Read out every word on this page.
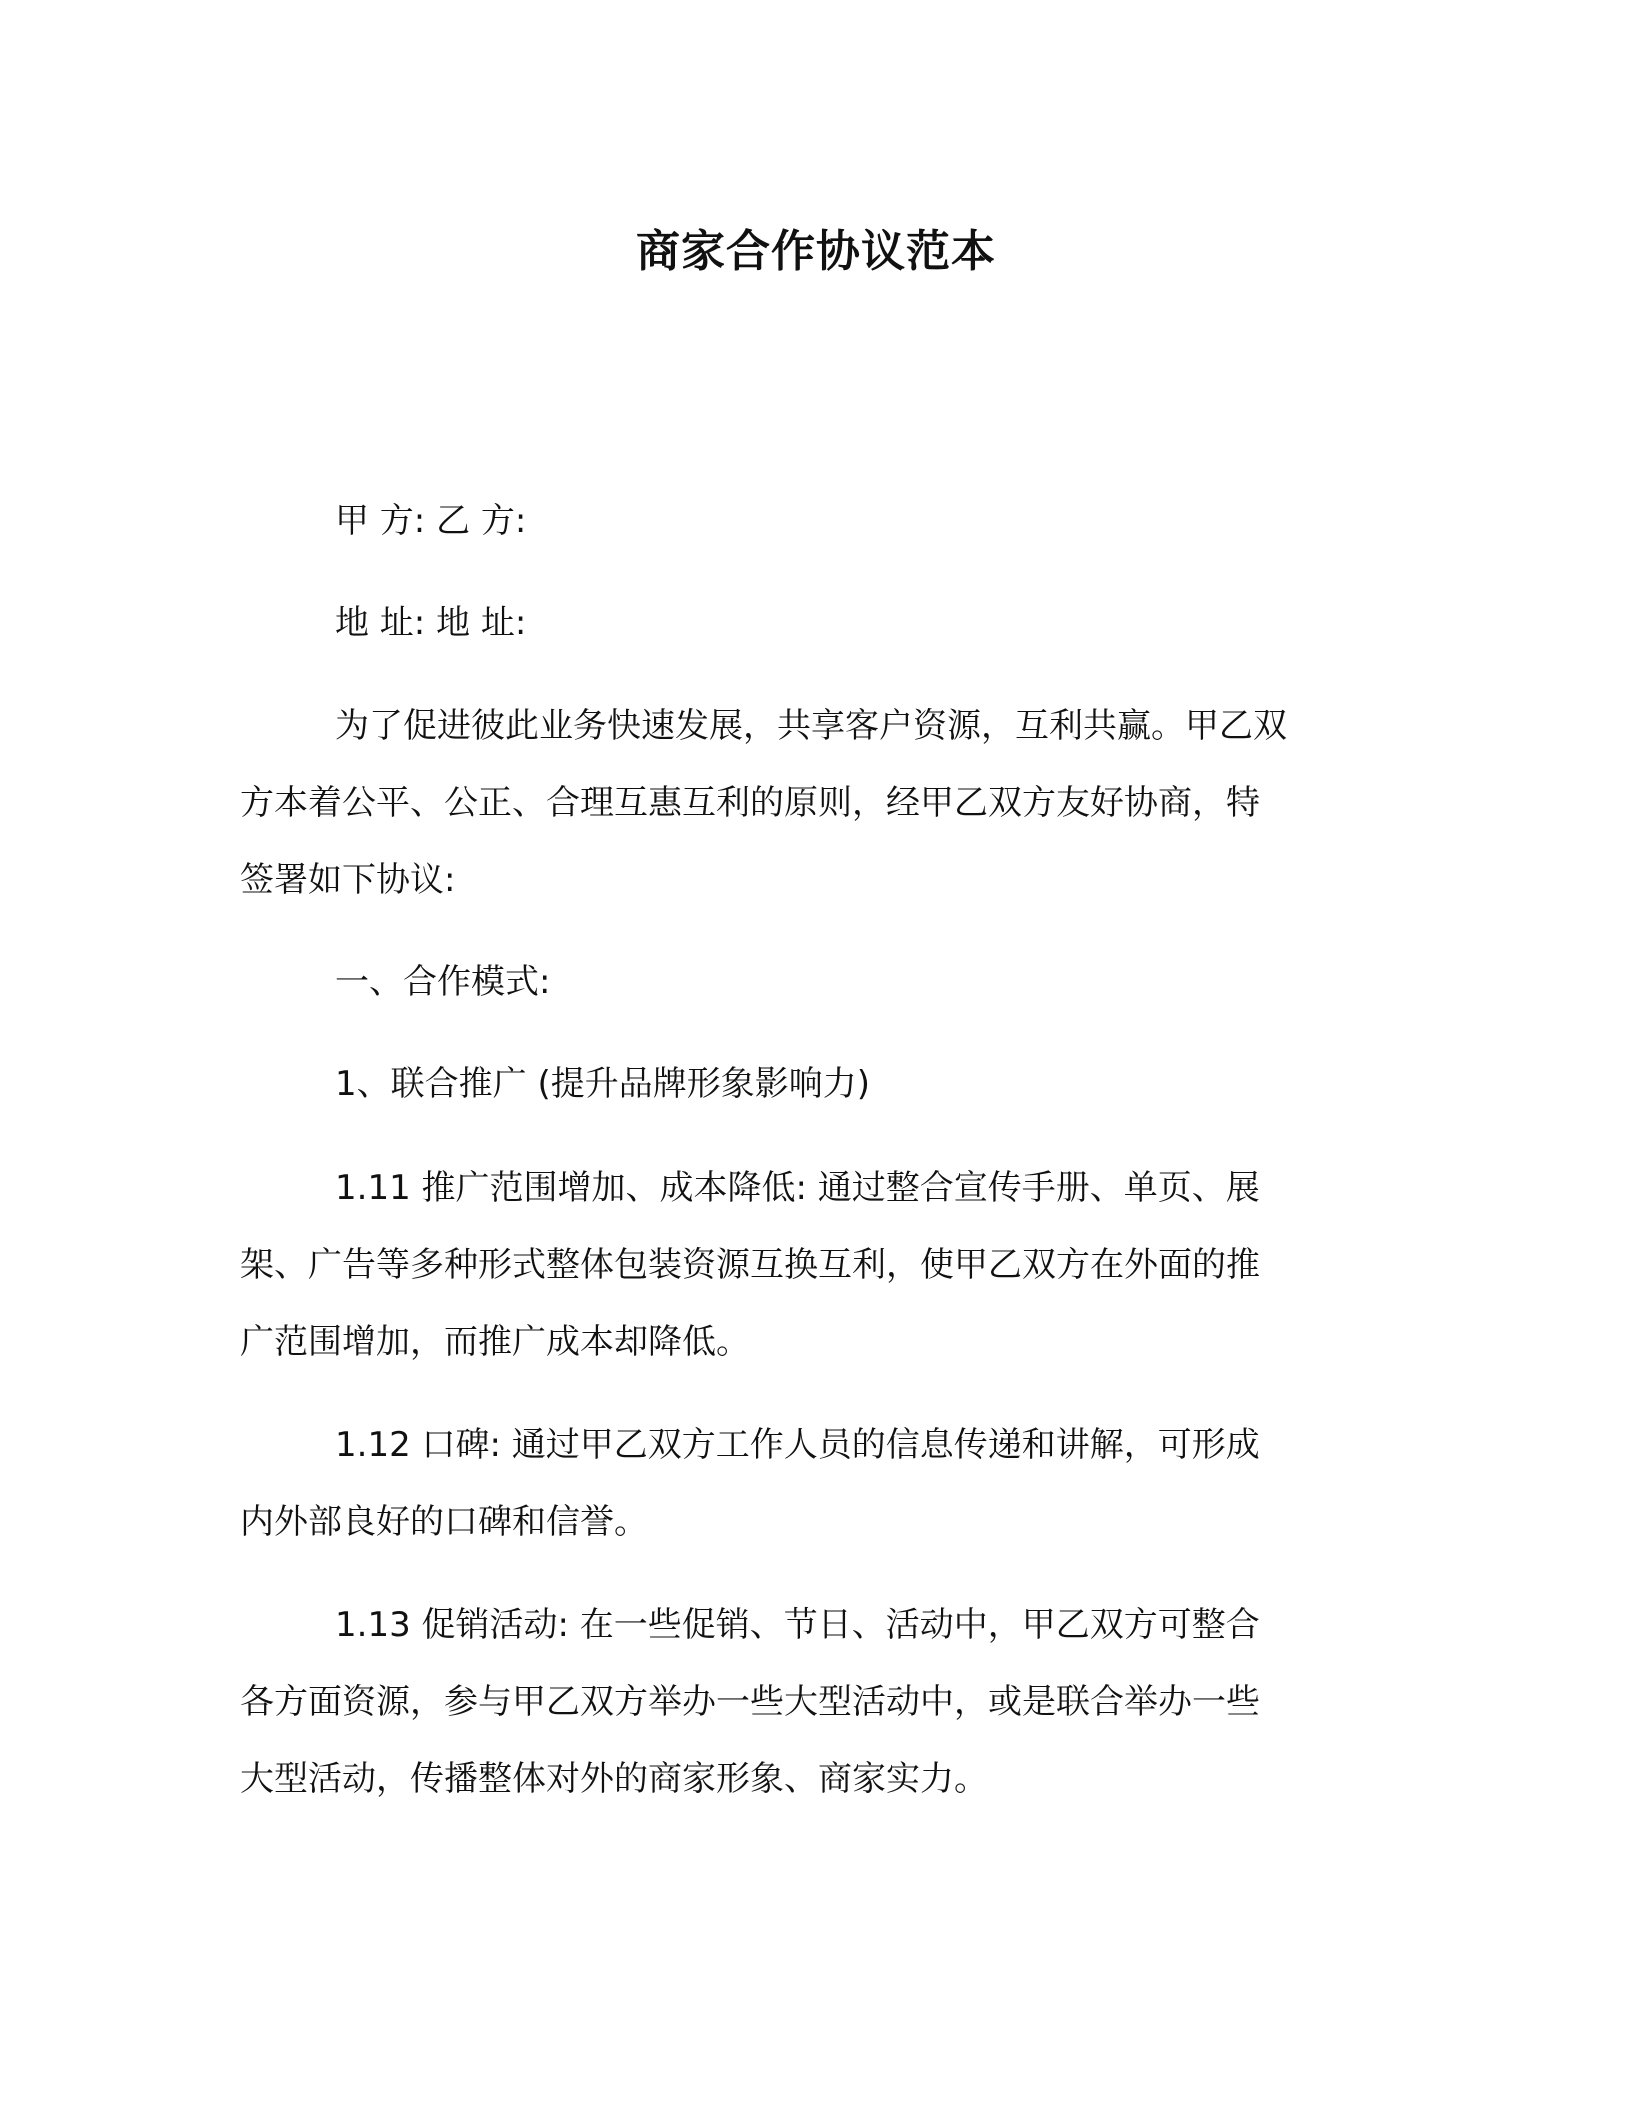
商家合作协议范本

甲 方: 乙 方:

地 址: 地 址:

为了促进彼此业务快速发展，共享客户资源，互利共赢。甲乙双
方本着公平、公正、合理互惠互利的原则，经甲乙双方友好协商，特
签署如下协议:

一、合作模式:

1、联合推广 (提升品牌形象影响力)

1.11 推广范围增加、成本降低: 通过整合宣传手册、单页、展
架、广告等多种形式整体包装资源互换互利，使甲乙双方在外面的推
广范围增加，而推广成本却降低。

1.12 口碑: 通过甲乙双方工作人员的信息传递和讲解，可形成
内外部良好的口碑和信誉。

1.13 促销活动: 在一些促销、节日、活动中，甲乙双方可整合
各方面资源，参与甲乙双方举办一些大型活动中，或是联合举办一些
大型活动，传播整体对外的商家形象、商家实力。
